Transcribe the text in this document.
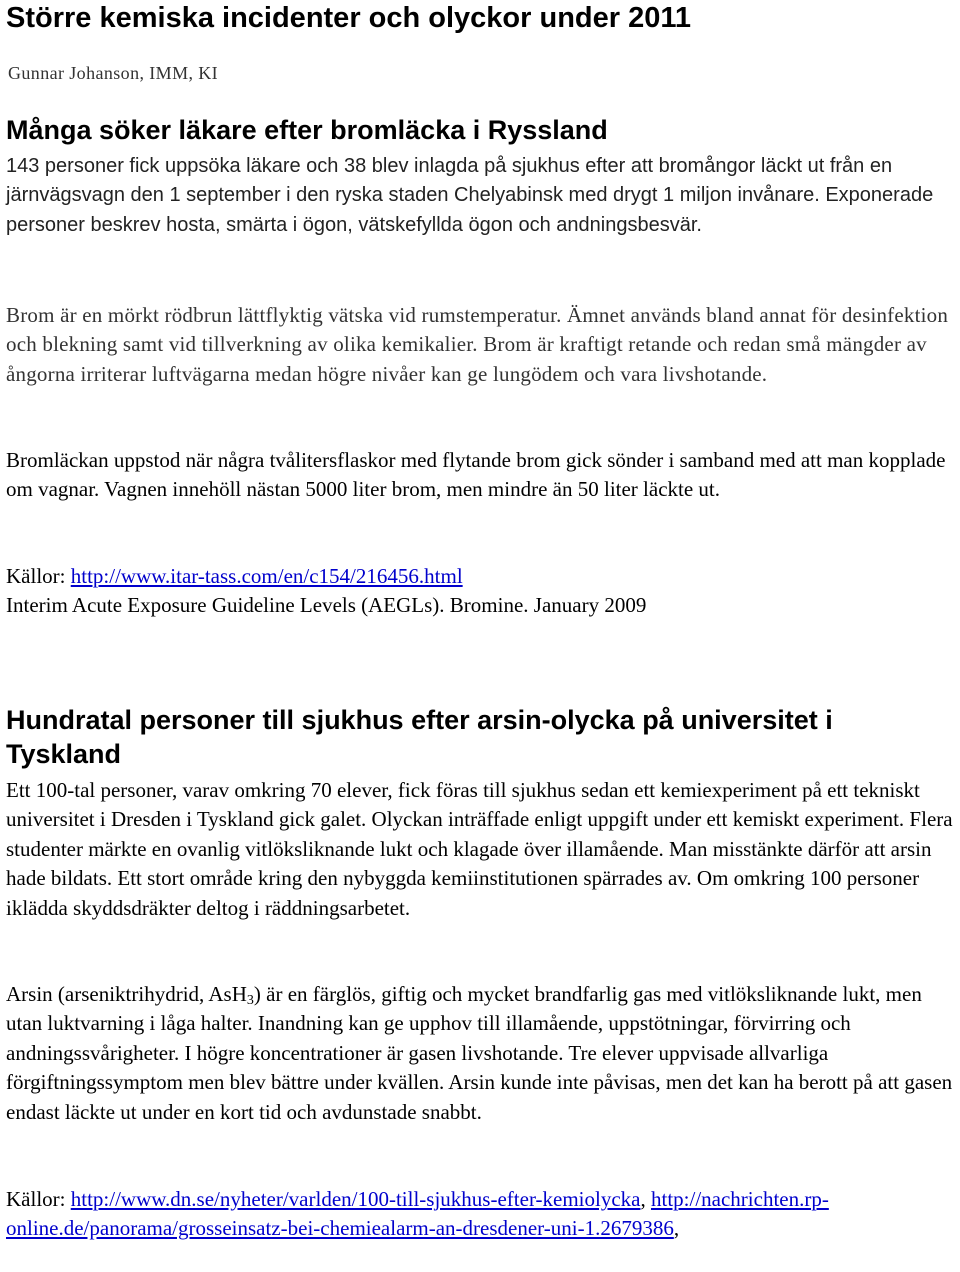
Större kemiska incidenter och olyckor under 2011
Gunnar Johanson, IMM, KI
Många söker läkare efter bromläcka i Ryssland

143 personer fick uppsöka läkare och 38 blev inlagda på sjukhus efter att bromångor läckt ut från en järnvägsvagn den 1 september i den ryska staden Chelyabinsk med drygt 1 miljon invånare. Exponerade personer beskrev hosta, smärta i ögon, vätskefyllda ögon och andningsbesvär.

Brom är en mörkt rödbrun lättflyktig vätska vid rumstemperatur. Ämnet används bland annat för desinfektion och blekning samt vid tillverkning av olika kemikalier. Brom är kraftigt retande och redan små mängder av ångorna irriterar luftvägarna medan högre nivåer kan ge lungödem och vara livshotande.

Bromläckan uppstod när några tvålitersflaskor med flytande brom gick sönder i samband med att man kopplade om vagnar. Vagnen innehöll nästan 5000 liter brom, men mindre än 50 liter läckte ut.

Källor: http://www.itar-tass.com/en/c154/216456.html
Interim Acute Exposure Guideline Levels (AEGLs). Bromine. January 2009

Hundratal personer till sjukhus efter arsin-olycka på universitet i Tyskland

Ett 100-tal personer, varav omkring 70 elever, fick föras till sjukhus sedan ett kemiexperiment på ett tekniskt universitet i Dresden i Tyskland gick galet. Olyckan inträffade enligt uppgift under ett kemiskt experiment. Flera studenter märkte en ovanlig vitlöksliknande lukt och klagade över illamående. Man misstänkte därför att arsin hade bildats. Ett stort område kring den nybyggda kemiinstitutionen spärrades av. Om omkring 100 personer iklädda skyddsdräkter deltog i räddningsarbetet.

Arsin (arseniktrihydrid, AsH$_3$) är en färglös, giftig och mycket brandfarlig gas med vitlöksliknande lukt, men utan luktvarning i låga halter. Inandning kan ge upphov till illamående, uppstötningar, förvirring och andningssvårigheter. I högre koncentrationer är gasen livshotande. Tre elever uppvisade allvarliga förgiftningssymptom men blev bättre under kvällen. Arsin kunde inte påvisas, men det kan ha berott på att gasen endast läckte ut under en kort tid och avdunstade snabbt.

Källor: http://www.dn.se/nyheter/varlden/100-till-sjukhus-efter-kemiolycka, http://nachrichten.rp-online.de/panorama/grosseinsatz-bei-chemiealarm-an-dresdener-uni-1.2679386,
